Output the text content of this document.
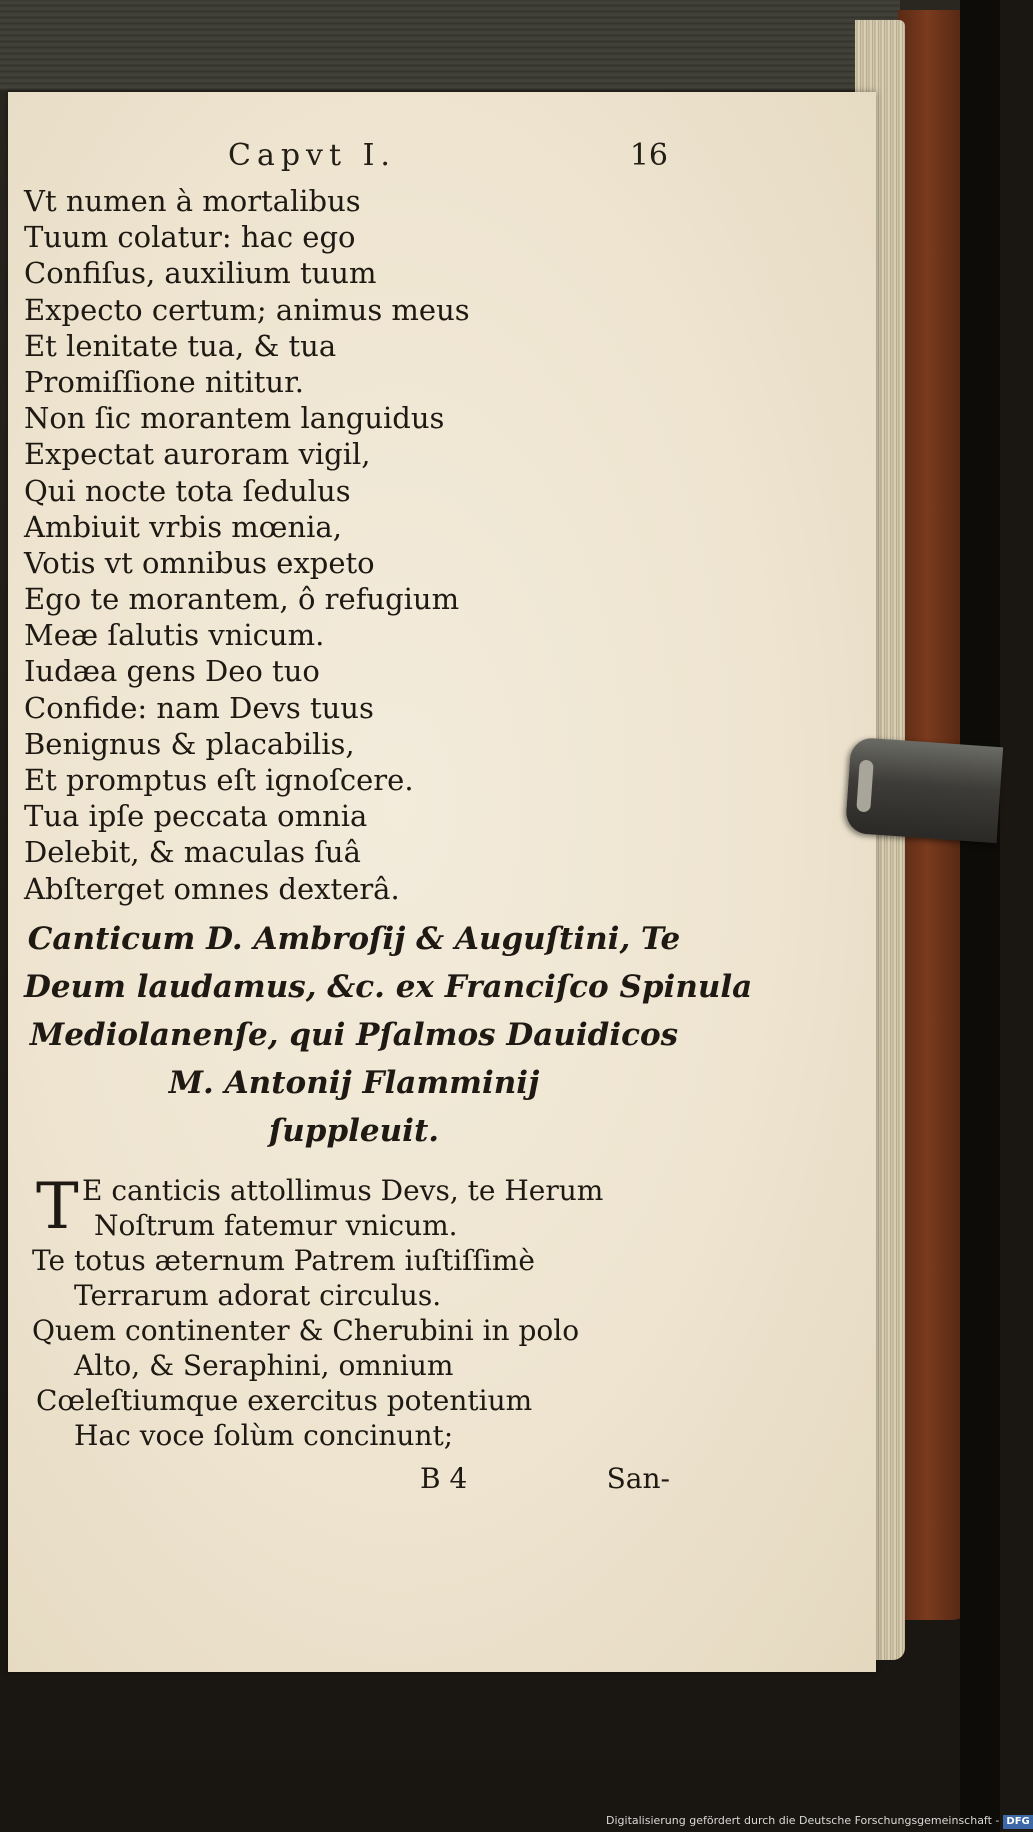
Capvt I.	16
Vt numen à mortalibus
Tuum colatur: hac ego
Confiſus, auxilium tuum
Expecto certum; animus meus
Et lenitate tua, & tua
Promiſſione nititur.
Non ſic morantem languidus
Expectat auroram vigil,
Qui nocte tota ſedulus
Ambiuit vrbis mœnia,
Votis vt omnibus expeto
Ego te morantem, ô refugium
Meæ ſalutis vnicum.
Iudæa gens Deo tuo
Confide: nam Devs tuus
Benignus & placabilis,
Et promptus eſt ignoſcere.
Tua ipſe peccata omnia
Delebit, & maculas ſuâ
Abſterget omnes dexterâ.
Canticum D. Ambroſij & Auguſtini, Te
Deum laudamus, &c. ex Franciſco Spinula
Mediolanenſe, qui Pſalmos Dauidicos
M. Antonij Flamminij
ſuppleuit.
T E canticis attollimus Devs, te Herum
Noſtrum fatemur vnicum.
Te totus æternum Patrem iuſtiſſimè
Terrarum adorat circulus.
Quem continenter & Cherubini in polo
Alto, & Seraphini, omnium
Cœleſtiumque exercitus potentium
Hac voce ſolùm concinunt;
B 4	San-
Digitalisierung gefördert durch die Deutsche Forschungsgemeinschaft - DFG
